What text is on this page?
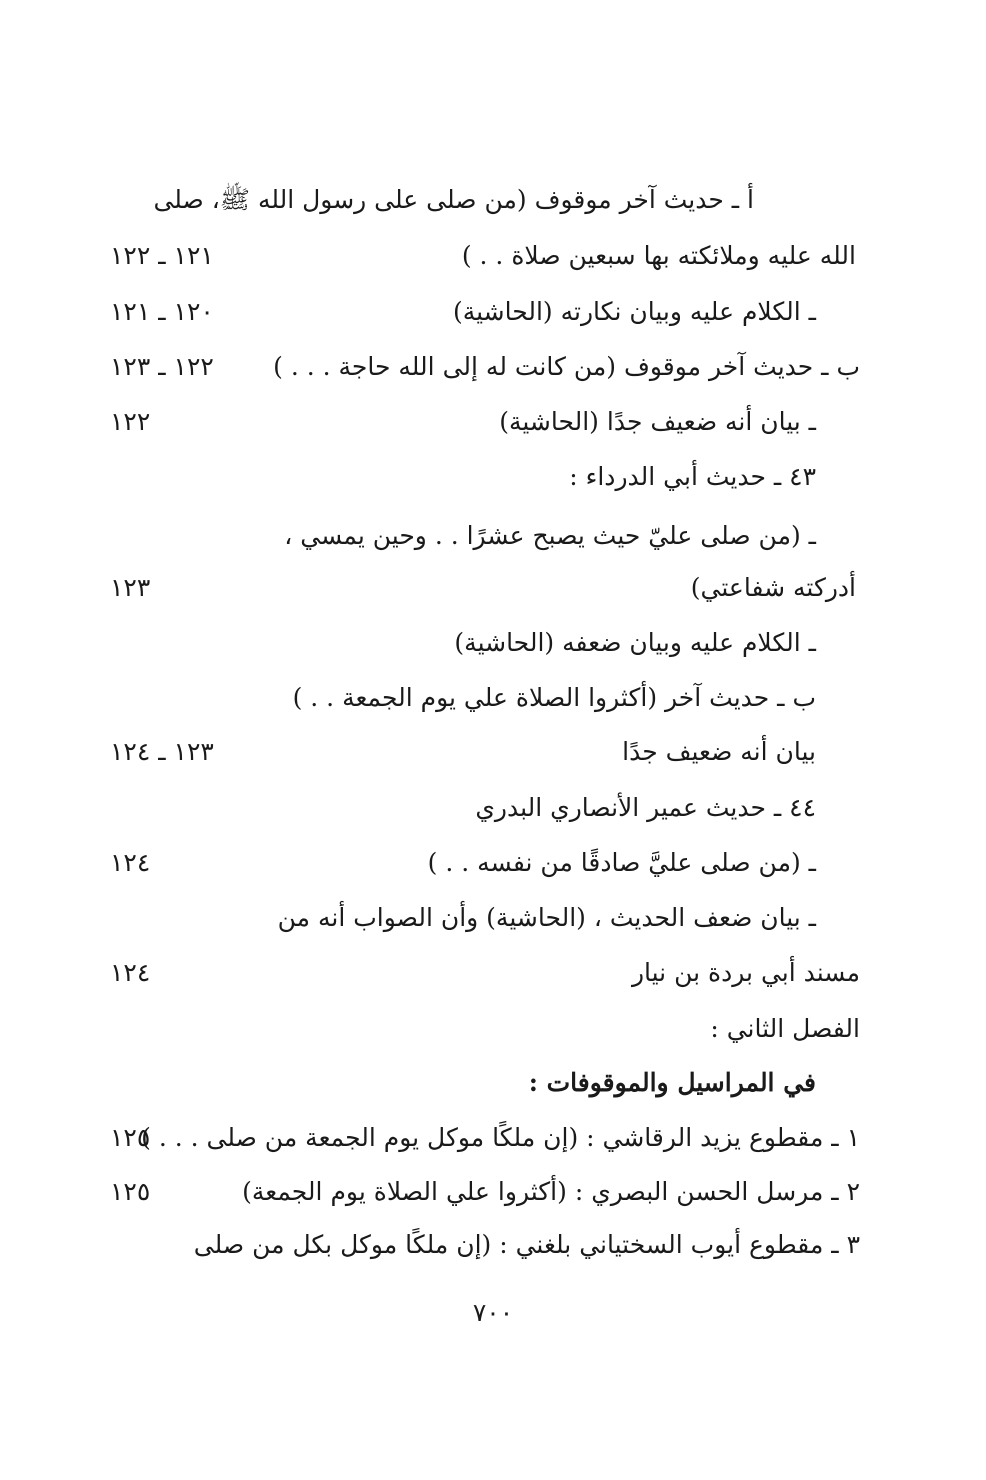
أ ـ حديث آخر موقوف (من صلى على رسول الله ﷺ، صلى
الله عليه وملائكته بها سبعين صلاة . . )
١٢١ ـ ١٢٢
ـ الكلام عليه وبيان نكارته (الحاشية)
١٢٠ ـ ١٢١
ب ـ حديث آخر موقوف (من كانت له إلى الله حاجة . . . )
١٢٢ ـ ١٢٣
ـ بيان أنه ضعيف جدًا (الحاشية)
١٢٢
٤٣ ـ حديث أبي الدرداء :
ـ (من صلى عليّ حيث يصبح عشرًا . . وحين يمسي ،
أدركته شفاعتي)
١٢٣
ـ الكلام عليه وبيان ضعفه (الحاشية)
ب ـ حديث آخر (أكثروا الصلاة علي يوم الجمعة . . )
بيان أنه ضعيف جدًا
١٢٣ ـ ١٢٤
٤٤ ـ حديث عمير الأنصاري البدري
ـ (من صلى عليَّ صادقًا من نفسه . . )
١٢٤
ـ بيان ضعف الحديث ، (الحاشية) وأن الصواب أنه من
مسند أبي بردة بن نيار
١٢٤
الفصل الثاني :
في المراسيل والموقوفات :
١ ـ مقطوع يزيد الرقاشي : (إن ملكًا موكل يوم الجمعة من صلى . . . )
١٢٥
٢ ـ مرسل الحسن البصري : (أكثروا علي الصلاة يوم الجمعة)
١٢٥
٣ ـ مقطوع أيوب السختياني بلغني : (إن ملكًا موكل بكل من صلى
٧٠٠
